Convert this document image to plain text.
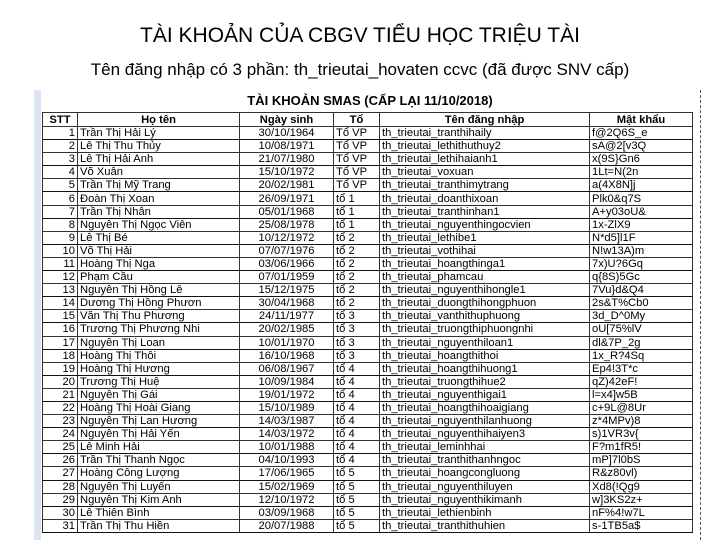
TÀI KHOẢN CỦA CBGV TIỂU HỌC TRIỆU TÀI
Tên đăng nhập có 3 phần: th_trieutai_hovaten ccvc (đã được SNV cấp)
TÀI KHOẢN SMAS (CẤP LẠI 11/10/2018)
STT	Họ tên	Ngày sinh	Tổ	Tên đăng nhập	Mật khẩu
1	Trần Thị Hải Lý	30/10/1964	Tổ VP	th_trieutai_tranthihaily	f@2Q6S_e
2	Lê Thị Thu Thủy	10/08/1971	Tổ VP	th_trieutai_lethithuthuy2	sA@2[v3Q
3	Lê Thị Hải Anh	21/07/1980	Tổ VP	th_trieutai_lethihaianh1	x(9S}Gn6
4	Võ Xuân	15/10/1972	Tổ VP	th_trieutai_voxuan	1Lt=N(2n
5	Trần Thị Mỹ Trang	20/02/1981	Tổ VP	th_trieutai_tranthimytrang	a(4X8N]j
6	Đoàn Thị Xoan	26/09/1971	tổ 1	th_trieutai_doanthixoan	Plk0&q7S
7	Trần Thị Nhẫn	05/01/1968	tổ 1	th_trieutai_tranthinhan1	A+y03oU&
8	Nguyễn Thị Ngọc Viên	25/08/1978	tổ 1	th_trieutai_nguyenthingocvien	1x-ZlX9
9	Lê Thị Bé	10/12/1972	tổ 2	th_trieutai_lethibe1	N*d5]l1F
10	Võ Thị Hải	07/07/1976	tổ 2	th_trieutai_vothihai	N!w13A)m
11	Hoàng Thị Nga	03/06/1966	tổ 2	th_trieutai_hoangthinga1	7x)U?6Gq
12	Phạm Cầu	07/01/1959	tổ 2	th_trieutai_phamcau	q{8S)5Gc
13	Nguyễn Thị Hồng Lê	15/12/1975	tổ 2	th_trieutai_nguyenthihongle1	7Vu}d&Q4
14	Dương Thị Hồng Phươn	30/04/1968	tổ 2	th_trieutai_duongthihongphuon	2s&T%Cb0
15	Văn Thị Thu Phương	24/11/1977	tổ 3	th_trieutai_vanthithuphuong	3d_D^0My
16	Trương Thị Phương Nhi	20/02/1985	tổ 3	th_trieutai_truongthiphuongnhi	oU[75%lV
17	Nguyễn Thị Loan	10/01/1970	tổ 3	th_trieutai_nguyenthiloan1	dl&7P_2g
18	Hoàng Thị Thôi	16/10/1968	tổ 3	th_trieutai_hoangthithoi	1x_R?4Sq
19	Hoàng Thị Hương	06/08/1967	tổ 4	th_trieutai_hoangthihuong1	Ep4!3T*c
20	Trương Thị Huệ	10/09/1984	tổ 4	th_trieutai_truongthihue2	qZ)42eF!
21	Nguyễn Thị Gái	19/01/1972	tổ 4	th_trieutai_nguyenthigai1	l=x4]w5B
22	Hoàng Thị Hoài Giang	15/10/1989	tổ 4	th_trieutai_hoangthihoaigiang	c+9L@8Ur
23	Nguyễn Thị Lan Hương	14/03/1987	tổ 4	th_trieutai_nguyenthilanhuong	z*4MPv)8
24	Nguyễn Thị Hải Yến	14/03/1972	tổ 4	th_trieutai_nguyenthihaiyen3	s)1VR3v{
25	Lê Minh Hải	10/01/1988	tổ 4	th_trieutai_leminhhai	F?m1fR5!
26	Trần Thị Thanh Ngọc	04/10/1993	tổ 4	th_trieutai_tranthithanhngoc	mP]7l0bS
27	Hoàng Công Lượng	17/06/1965	tổ 5	th_trieutai_hoangcongluong	R&z80vl)
28	Nguyễn Thị Luyến	15/02/1969	tổ 5	th_trieutai_nguyenthiluyen	Xd8(!Qg9
29	Nguyễn Thị Kim Anh	12/10/1972	tổ 5	th_trieutai_nguyenthikimanh	w]3KS2z+
30	Lê Thiên Bình	03/09/1968	tổ 5	th_trieutai_lethienbinh	nF%4!w7L
31	Trần Thị Thu Hiền	20/07/1988	tổ 5	th_trieutai_tranthithuhien	s-1TB5a$
